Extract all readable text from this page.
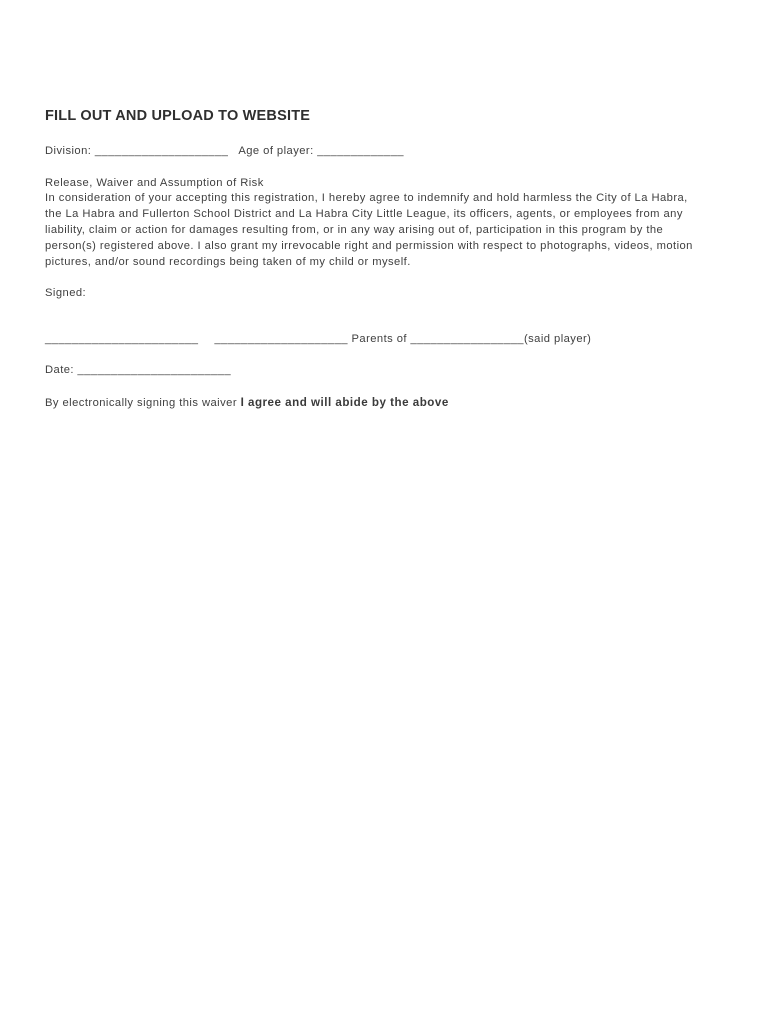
FILL OUT AND UPLOAD TO WEBSITE
Division: ____________________ Age of player: _____________
Release, Waiver and Assumption of Risk
In consideration of your accepting this registration, I hereby agree to indemnify and hold harmless the City of La Habra,
the La Habra and Fullerton School District and La Habra City Little League, its officers, agents, or employees from any
liability, claim or action for damages resulting from, or in any way arising out of, participation in this program by the
person(s) registered above. I also grant my irrevocable right and permission with respect to photographs, videos, motion
pictures, and/or sound recordings being taken of my child or myself.
Signed:
_______________________ ____________________ Parents of _________________(said player)
Date: _______________________
By electronically signing this waiver I agree and will abide by the above
